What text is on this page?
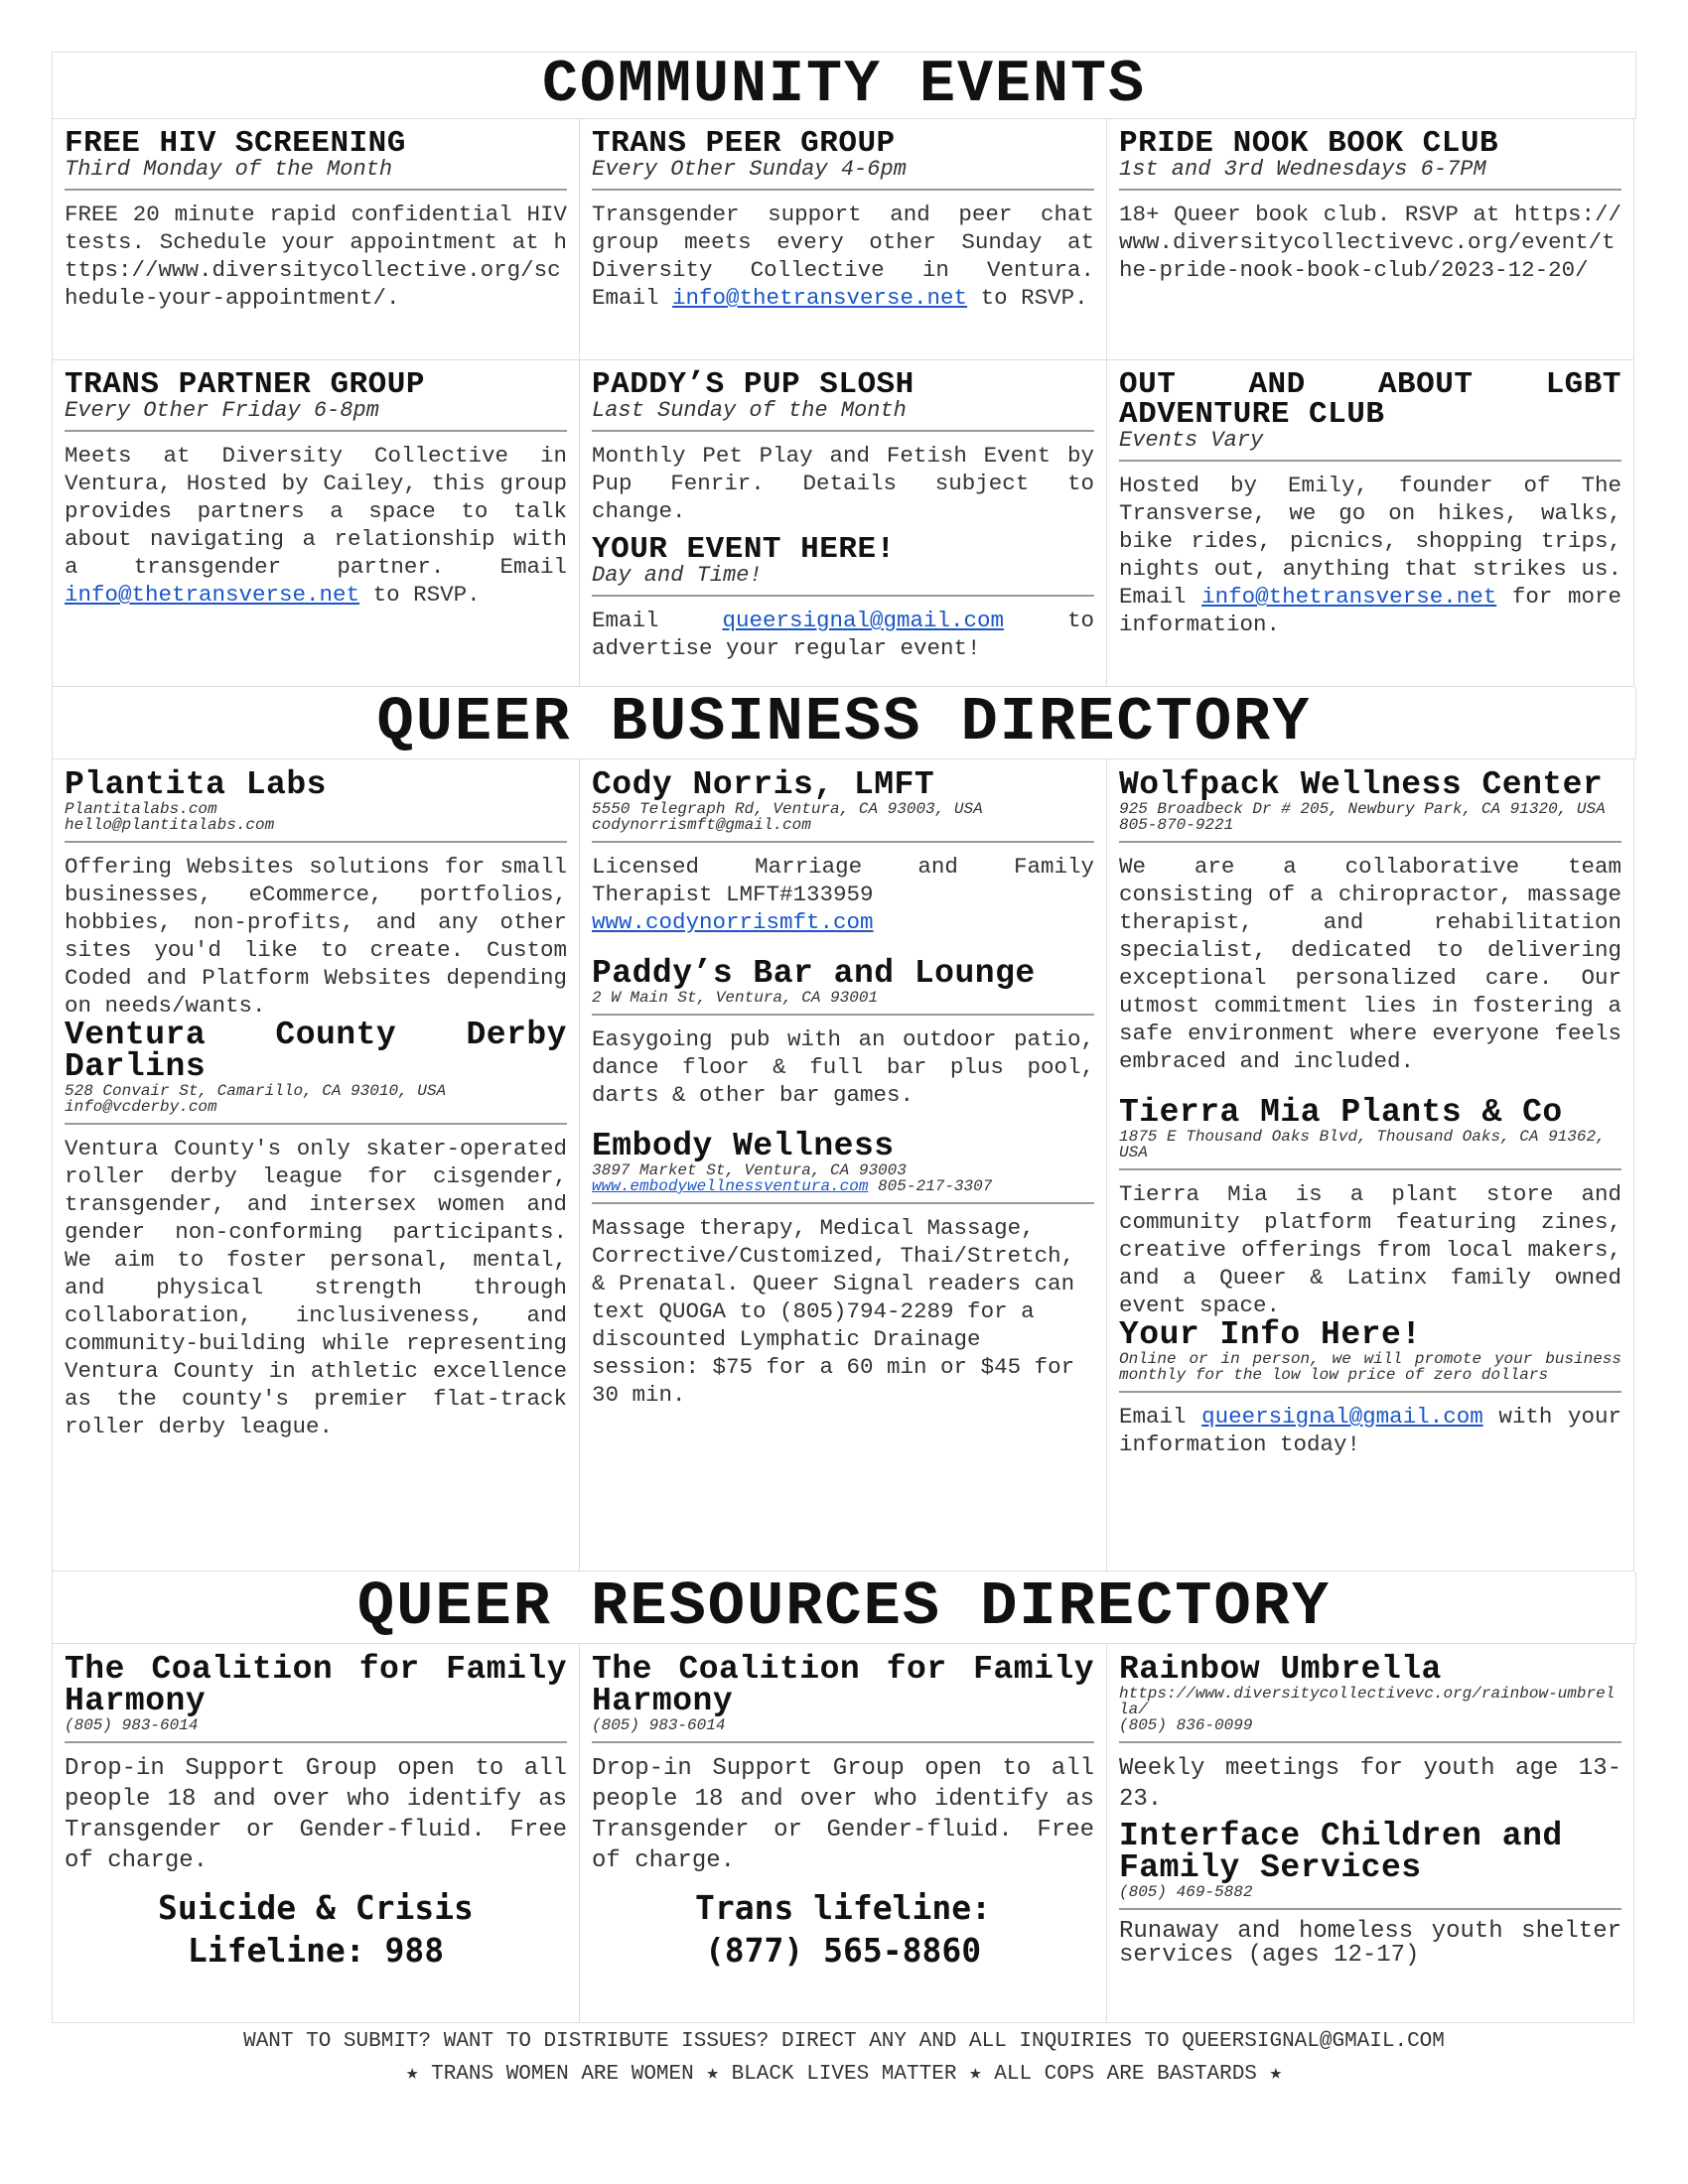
COMMUNITY EVENTS
FREE HIV SCREENING
Third Monday of the Month
FREE 20 minute rapid confidential HIV tests. Schedule your appointment at https://www.diversitycollective.org/schedule-your-appointment/.
TRANS PEER GROUP
Every Other Sunday 4-6pm
Transgender support and peer chat group meets every other Sunday at Diversity Collective in Ventura. Email info@thetransverse.net to RSVP.
PRIDE NOOK BOOK CLUB
1st and 3rd Wednesdays 6-7PM
18+ Queer book club. RSVP at https://www.diversitycollectivevc.org/event/the-pride-nook-book-club/2023-12-20/
TRANS PARTNER GROUP
Every Other Friday 6-8pm
Meets at Diversity Collective in Ventura, Hosted by Cailey, this group provides partners a space to talk about navigating a relationship with a transgender partner. Email info@thetransverse.net to RSVP.
PADDY’S PUP SLOSH
Last Sunday of the Month
Monthly Pet Play and Fetish Event by Pup Fenrir. Details subject to change.
YOUR EVENT HERE!
Day and Time!
Email queersignal@gmail.com to advertise your regular event!
OUT AND ABOUT LGBT ADVENTURE CLUB
Events Vary
Hosted by Emily, founder of The Transverse, we go on hikes, walks, bike rides, picnics, shopping trips, nights out, anything that strikes us. Email info@thetransverse.net for more information.
QUEER BUSINESS DIRECTORY
Plantita Labs
Plantitalabs.com
hello@plantitalabs.com
Offering Websites solutions for small businesses, eCommerce, portfolios, hobbies, non-profits, and any other sites you'd like to create. Custom Coded and Platform Websites depending on needs/wants.
Ventura County Derby Darlins
528 Convair St, Camarillo, CA 93010, USA
info@vcderby.com
Ventura County's only skater-operated roller derby league for cisgender, transgender, and intersex women and gender non-conforming participants. We aim to foster personal, mental, and physical strength through collaboration, inclusiveness, and community-building while representing Ventura County in athletic excellence as the county's premier flat-track roller derby league.
Cody Norris, LMFT
5550 Telegraph Rd, Ventura, CA 93003, USA
codynorrismft@gmail.com
Licensed Marriage and Family Therapist LMFT#133959
www.codynorrismft.com
Paddy’s Bar and Lounge
2 W Main St, Ventura, CA 93001
Easygoing pub with an outdoor patio, dance floor & full bar plus pool, darts & other bar games.
Embody Wellness
3897 Market St, Ventura, CA 93003
www.embodywellnessventura.com 805-217-3307
Massage therapy, Medical Massage, Corrective/Customized, Thai/Stretch, & Prenatal. Queer Signal readers can text QUOGA to (805)794-2289 for a discounted Lymphatic Drainage session: $75 for a 60 min or $45 for 30 min.
Wolfpack Wellness Center
925 Broadbeck Dr # 205, Newbury Park, CA 91320, USA
805-870-9221
We are a collaborative team consisting of a chiropractor, massage therapist, and rehabilitation specialist, dedicated to delivering exceptional personalized care. Our utmost commitment lies in fostering a safe environment where everyone feels embraced and included.
Tierra Mia Plants & Co
1875 E Thousand Oaks Blvd, Thousand Oaks, CA 91362, USA
Tierra Mia is a plant store and community platform featuring zines, creative offerings from local makers, and a Queer & Latinx family owned event space.
Your Info Here!
Online or in person, we will promote your business monthly for the low low price of zero dollars
Email queersignal@gmail.com with your information today!
QUEER RESOURCES DIRECTORY
The Coalition for Family Harmony
(805) 983-6014
Drop-in Support Group open to all people 18 and over who identify as Transgender or Gender-fluid. Free of charge.
Suicide & Crisis
Lifeline: 988
The Coalition for Family Harmony
(805) 983-6014
Drop-in Support Group open to all people 18 and over who identify as Transgender or Gender-fluid. Free of charge.
Trans lifeline:
(877) 565-8860
Rainbow Umbrella
https://www.diversitycollectivevc.org/rainbow-umbrella/
(805) 836-0099
Weekly meetings for youth age 13-23.
Interface Children and Family Services
(805) 469-5882
Runaway and homeless youth shelter services (ages 12-17)
WANT TO SUBMIT? WANT TO DISTRIBUTE ISSUES? DIRECT ANY AND ALL INQUIRIES TO QUEERSIGNAL@GMAIL.COM
★ TRANS WOMEN ARE WOMEN ★ BLACK LIVES MATTER ★ ALL COPS ARE BASTARDS ★
